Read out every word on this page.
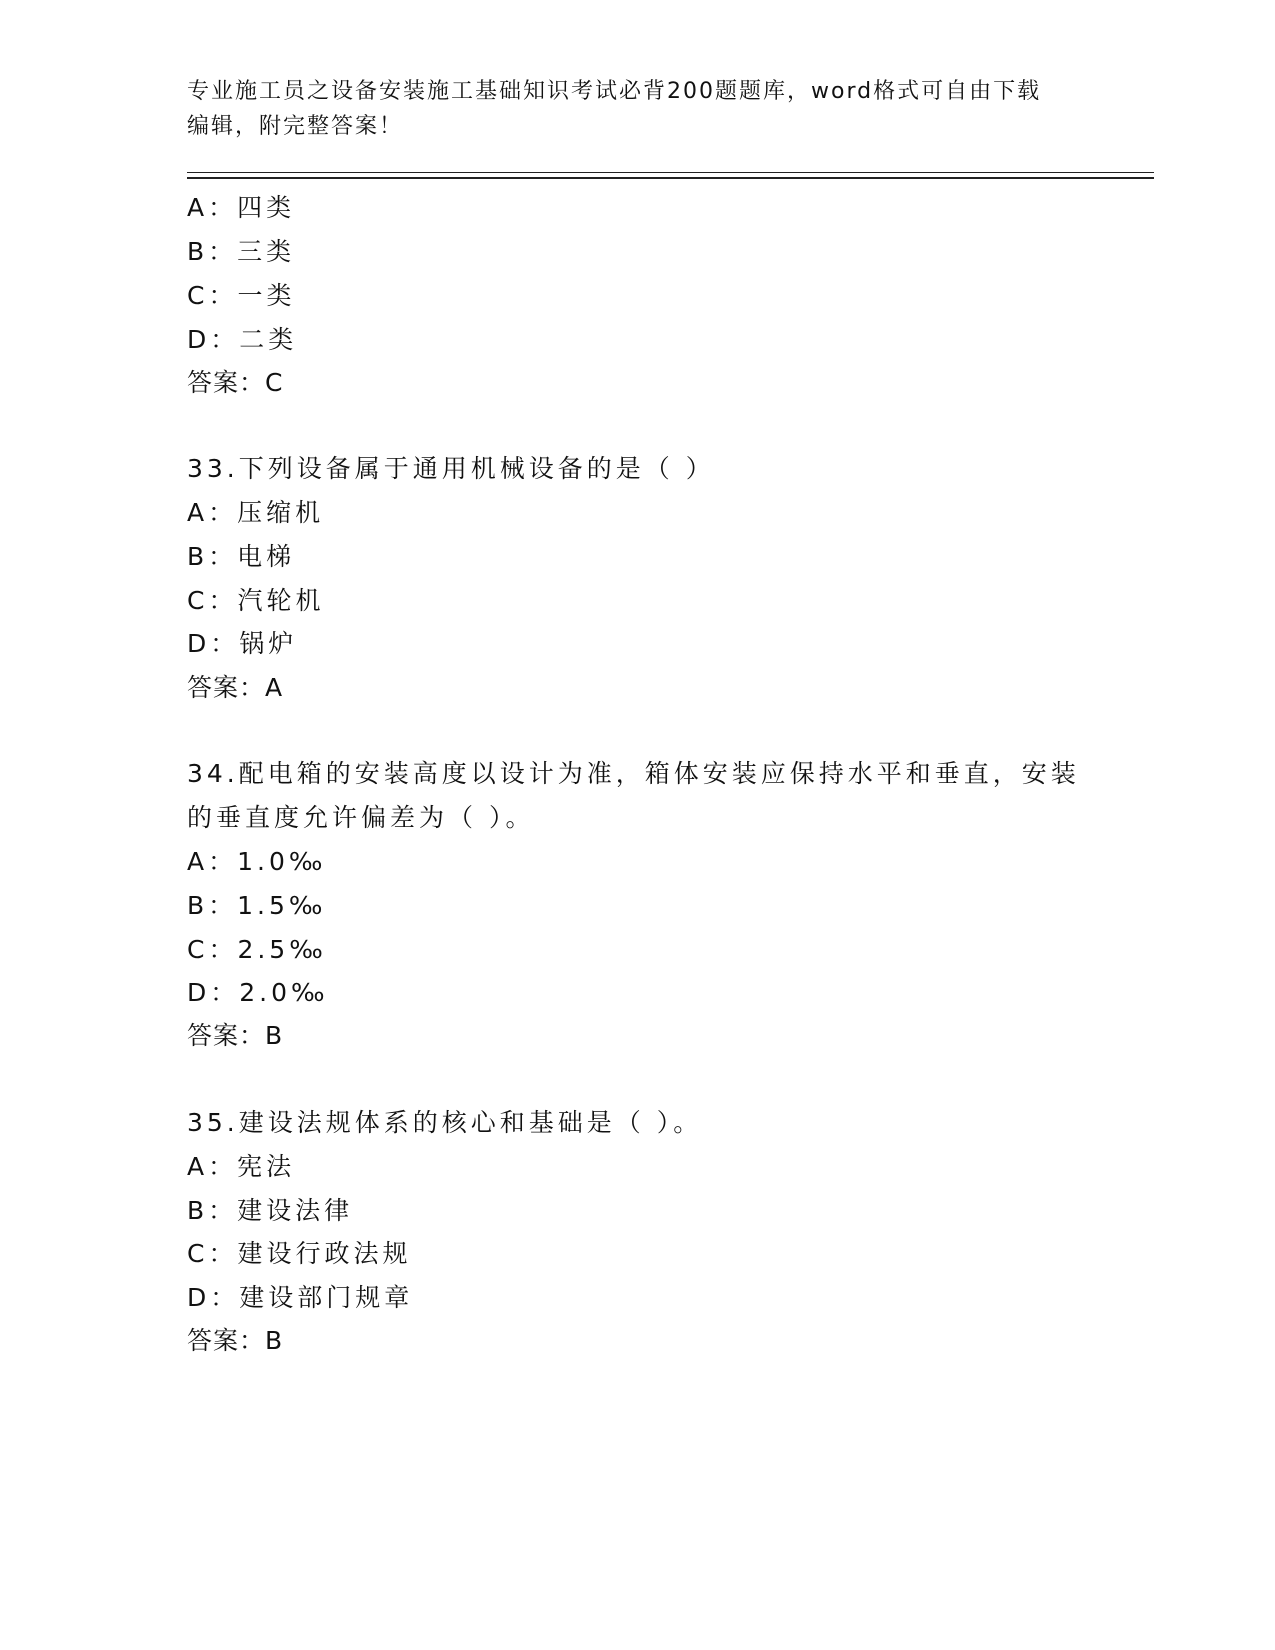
专业施工员之设备安装施工基础知识考试必背200题题库，word格式可自由下载
编辑，附完整答案！
A：四类
B：三类
C：一类
D：二类
答案：C
33.下列设备属于通用机械设备的是（ ）
A：压缩机
B：电梯
C：汽轮机
D：锅炉
答案：A
34.配电箱的安装高度以设计为准，箱体安装应保持水平和垂直，安装
的垂直度允许偏差为（ ）。
A：1.0‰
B：1.5‰
C：2.5‰
D：2.0‰
答案：B
35.建设法规体系的核心和基础是（ ）。
A：宪法
B：建设法律
C：建设行政法规
D：建设部门规章
答案：B
